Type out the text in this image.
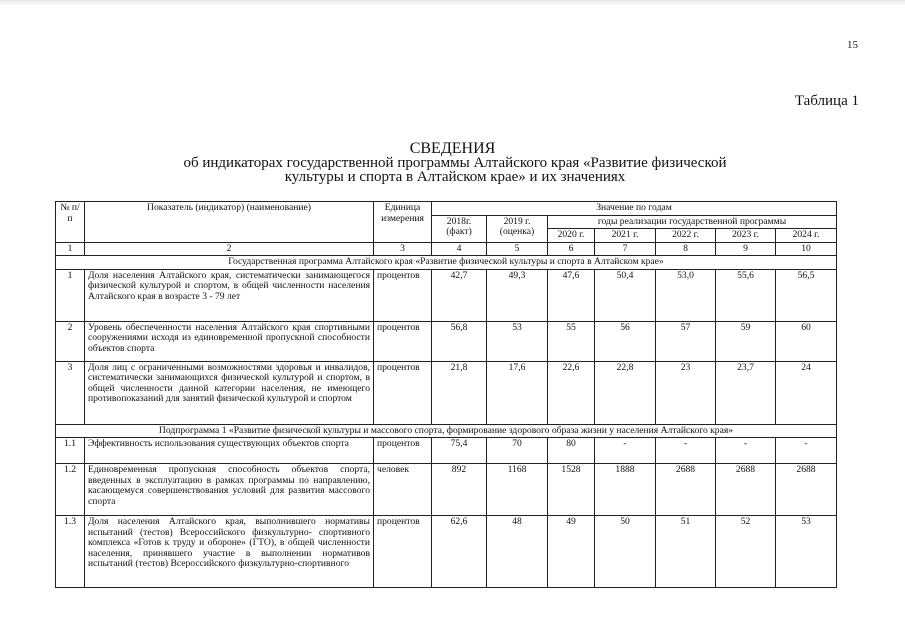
15
Таблица 1
СВЕДЕНИЯ
об индикаторах государственной программы Алтайского края «Развитие физической культуры и спорта в Алтайском крае» и их значениях
№ п/п	Показатель (индикатор) (наименование)	Единица измерения	Значение по годам						
			2018г. (факт)	2019 г. (оценка)	годы реализации государственной программы				
					2020 г.	2021 г.	2022 г.	2023 г.	2024 г.
1	2	3	4	5	6	7	8	9	10
Государственная программа Алтайского края «Развитие физической культуры и спорта в Алтайском крае»									
1	Доля населения Алтайского края, систематически занимающегося физической культурой и спортом, в общей численности населения Алтайского края в возрасте 3 - 79 лет	процентов	42,7	49,3	47,6	50,4	53,0	55,6	56,5
2	Уровень обеспеченности населения Алтайского края спортивными сооружениями исходя из единовременной пропускной способности объектов спорта	процентов	56,8	53	55	56	57	59	60
3	Доля лиц с ограниченными возможностями здоровья и инвалидов, систематически занимающихся физической культурой и спортом, в общей численности данной категории населения, не имеющего противопоказаний для занятий физической культурой и спортом	процентов	21,8	17,6	22,6	22,8	23	23,7	24
Подпрограмма 1 «Развитие физической культуры и массового спорта, формирование здорового образа жизни у населения Алтайского края»									
1.1	Эффективность использования существующих объектов спорта	процентов	75,4	70	80	-	-	-	-
1.2	Единовременная пропускная способность объектов спорта, введенных в эксплуатацию в рамках программы по направлению, касающемуся совершенствования условий для развития массового спорта	человек	892	1168	1528	1888	2688	2688	2688
1.3	Доля населения Алтайского края, выполнившего нормативы испытаний (тестов) Всероссийского физкультурно- спортивного комплекса «Готов к труду и обороне» (ГТО), в общей численности населения, принявшего участие в выполнении нормативов испытаний (тестов) Всероссийского физкультурно-спортивного	процентов	62,6	48	49	50	51	52	53
